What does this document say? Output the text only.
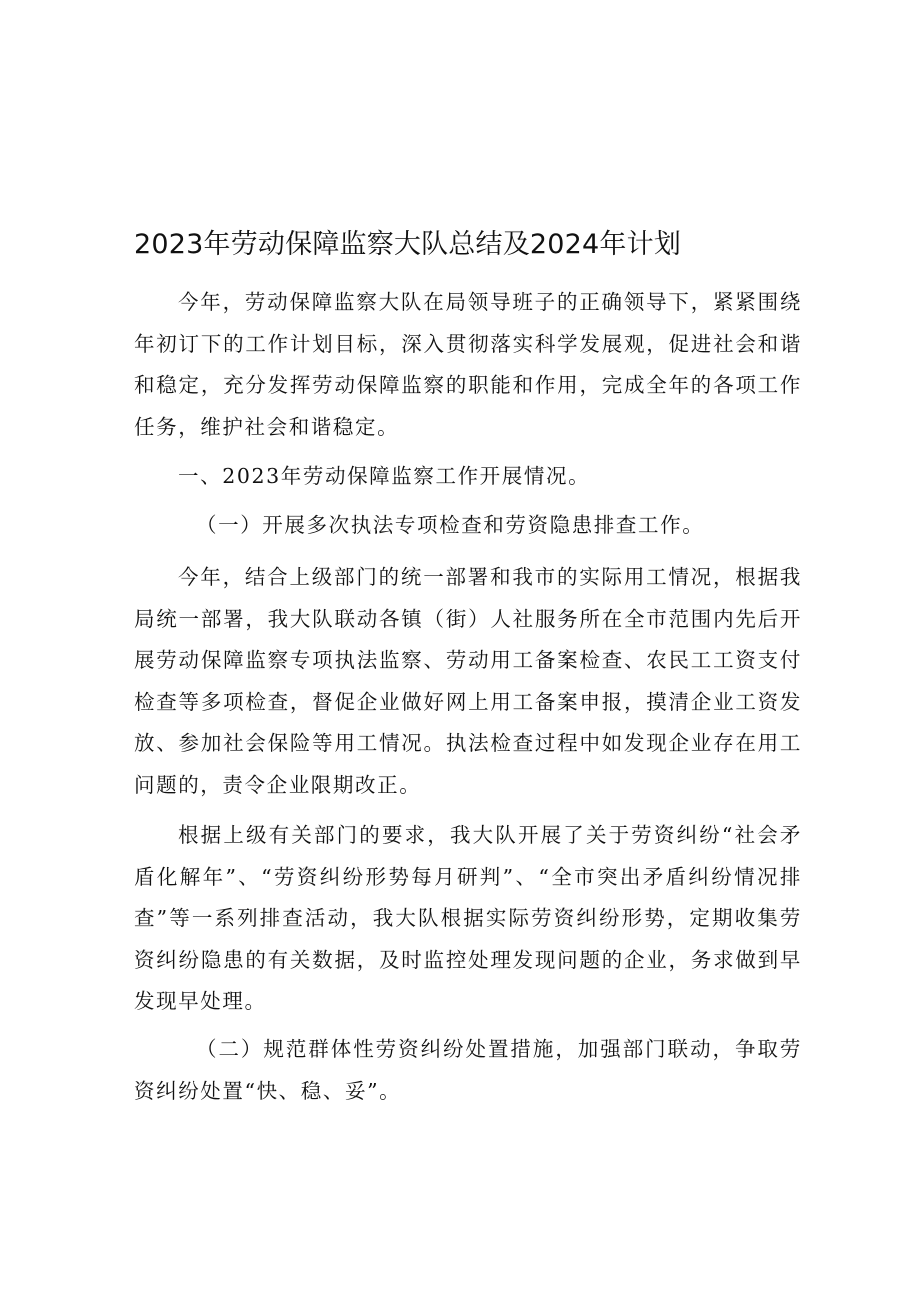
2023年劳动保障监察大队总结及2024年计划

今年，劳动保障监察大队在局领导班子的正确领导下，紧紧围绕年初订下的工作计划目标，深入贯彻落实科学发展观，促进社会和谐和稳定，充分发挥劳动保障监察的职能和作用，完成全年的各项工作任务，维护社会和谐稳定。

一、2023年劳动保障监察工作开展情况。

（一）开展多次执法专项检查和劳资隐患排查工作。

今年，结合上级部门的统一部署和我市的实际用工情况，根据我局统一部署，我大队联动各镇（街）人社服务所在全市范围内先后开展劳动保障监察专项执法监察、劳动用工备案检查、农民工工资支付检查等多项检查，督促企业做好网上用工备案申报，摸清企业工资发放、参加社会保险等用工情况。执法检查过程中如发现企业存在用工问题的，责令企业限期改正。

根据上级有关部门的要求，我大队开展了关于劳资纠纷“社会矛盾化解年”、“劳资纠纷形势每月研判”、“全市突出矛盾纠纷情况排查”等一系列排查活动，我大队根据实际劳资纠纷形势，定期收集劳资纠纷隐患的有关数据，及时监控处理发现问题的企业，务求做到早发现早处理。

（二）规范群体性劳资纠纷处置措施，加强部门联动，争取劳资纠纷处置“快、稳、妥”。
